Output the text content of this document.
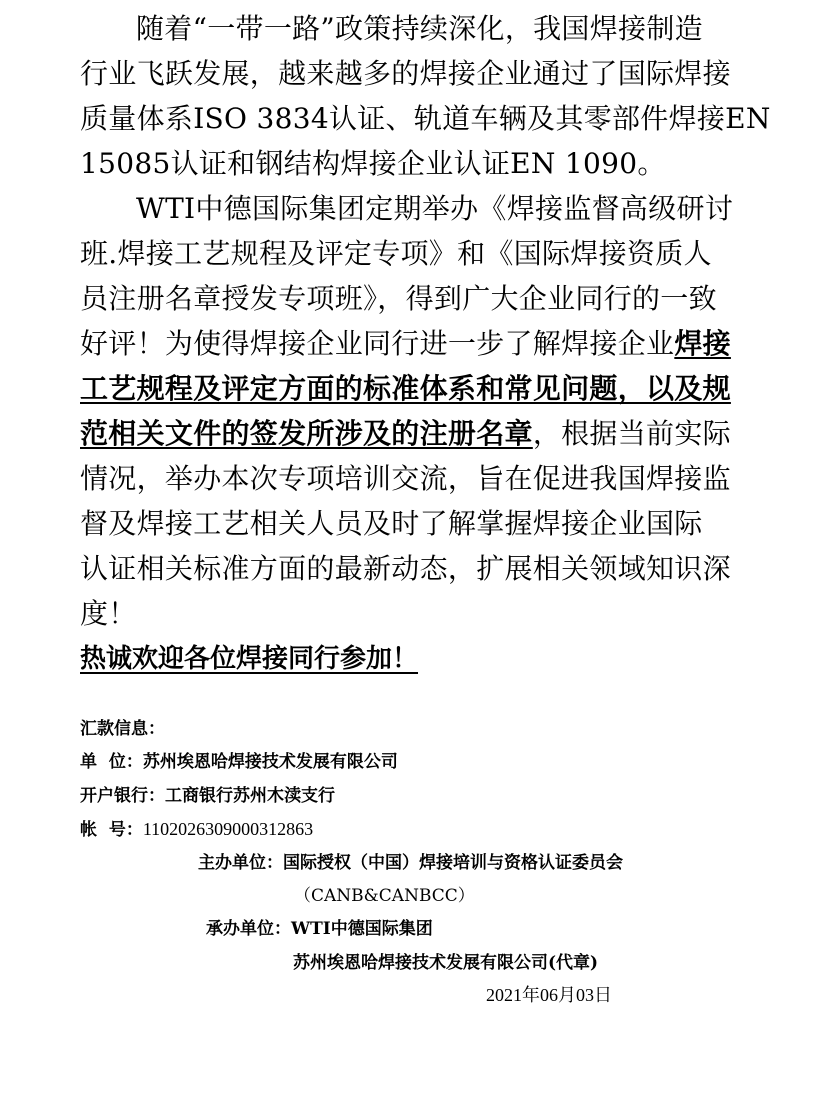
随着“一带一路”政策持续深化，我国焊接制造
行业飞跃发展，越来越多的焊接企业通过了国际焊接
质量体系ISO 3834认证、轨道车辆及其零部件焊接EN
15085认证和钢结构焊接企业认证EN 1090。
WTI中德国际集团定期举办《焊接监督高级研讨
班.焊接工艺规程及评定专项》和《国际焊接资质人
员注册名章授发专项班》，得到广大企业同行的一致
好评！为使得焊接企业同行进一步了解焊接企业焊接
工艺规程及评定方面的标准体系和常见问题，以及规
范相关文件的签发所涉及的注册名章，根据当前实际
情况，举办本次专项培训交流，旨在促进我国焊接监
督及焊接工艺相关人员及时了解掌握焊接企业国际
认证相关标准方面的最新动态，扩展相关领域知识深
度！
热诚欢迎各位焊接同行参加！
汇款信息：
单  位：苏州埃恩哈焊接技术发展有限公司
开户银行：工商银行苏州木渎支行
帐  号：1102026309000312863
主办单位：国际授权（中国）焊接培训与资格认证委员会
（CANB&CANBCC）
承办单位：WTI中德国际集团
苏州埃恩哈焊接技术发展有限公司(代章)
2021年06月03日
